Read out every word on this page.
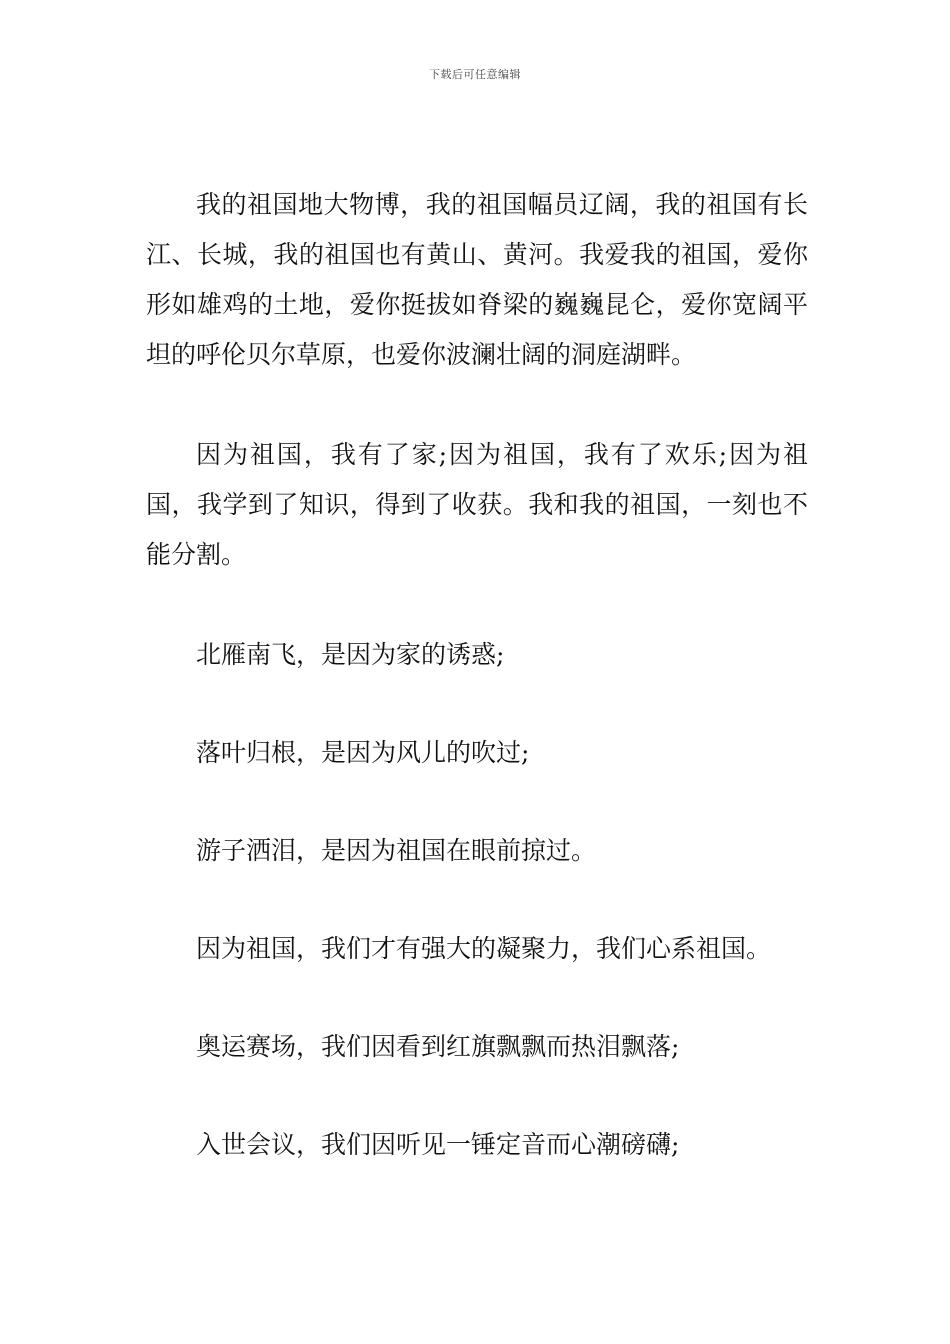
下载后可任意编辑

我的祖国地大物博，我的祖国幅员辽阔，我的祖国有长江、长城，我的祖国也有黄山、黄河。我爱我的祖国，爱你形如雄鸡的土地，爱你挺拔如脊梁的巍巍昆仑，爱你宽阔平坦的呼伦贝尔草原，也爱你波澜壮阔的洞庭湖畔。

因为祖国，我有了家;因为祖国，我有了欢乐;因为祖国，我学到了知识，得到了收获。我和我的祖国，一刻也不能分割。

北雁南飞，是因为家的诱惑;

落叶归根，是因为风儿的吹过;

游子洒泪，是因为祖国在眼前掠过。

因为祖国，我们才有强大的凝聚力，我们心系祖国。

奥运赛场，我们因看到红旗飘飘而热泪飘落;

入世会议，我们因听见一锤定音而心潮磅礴;
